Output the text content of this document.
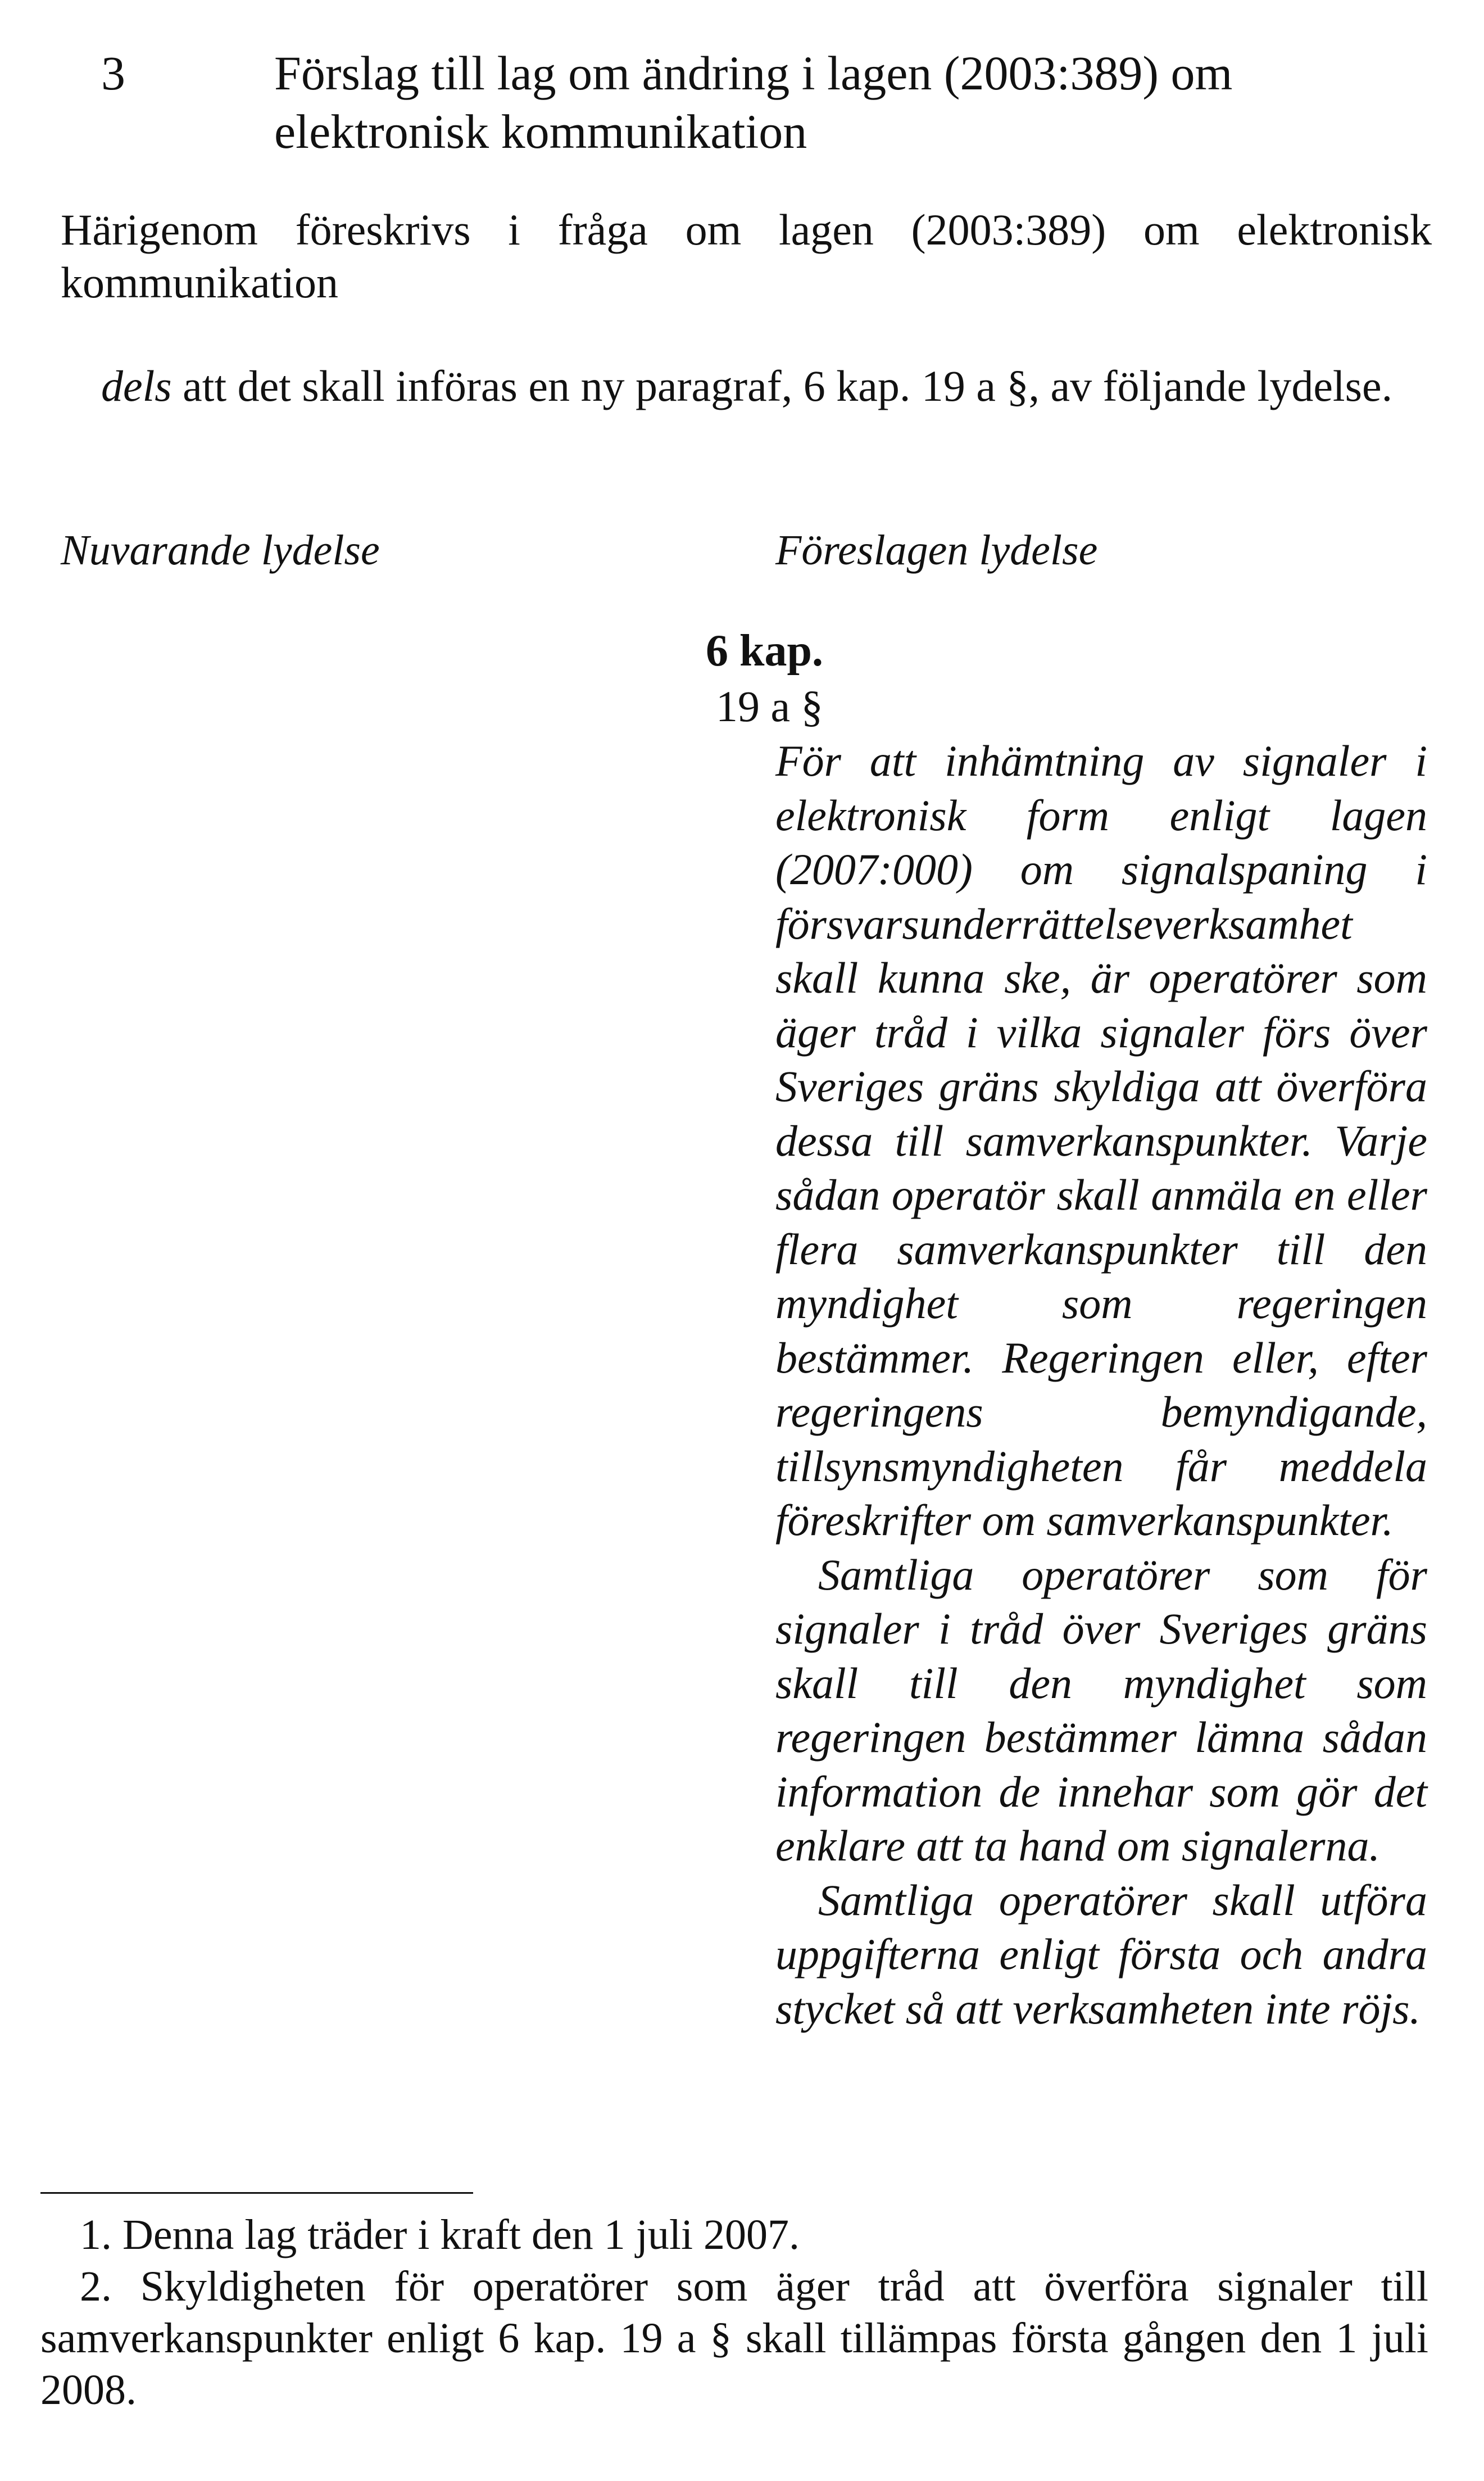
3	Förslag till lag om ändring i lagen (2003:389) om elektronisk kommunikation
Härigenom föreskrivs i fråga om lagen (2003:389) om elektronisk kommunikation
dels att det skall införas en ny paragraf, 6 kap. 19 a §, av följande lydelse.
Nuvarande lydelse	Föreslagen lydelse
6 kap.
19 a §

För att inhämtning av signaler i elektronisk form enligt lagen (2007:000) om signalspaning i försvarsunderrättelseverksamhet skall kunna ske, är operatörer som äger tråd i vilka signaler förs över Sveriges gräns skyldiga att överföra dessa till samverkanspunkter. Varje sådan operatör skall anmäla en eller flera samverkanspunkter till den myndighet som regeringen bestämmer. Regeringen eller, efter regeringens bemyndigande, tillsynsmyndigheten får meddela föreskrifter om samverkanspunkter.

Samtliga operatörer som för signaler i tråd över Sveriges gräns skall till den myndighet som regeringen bestämmer lämna sådan information de innehar som gör det enklare att ta hand om signalerna.

Samtliga operatörer skall utföra uppgifterna enligt första och andra stycket så att verksamheten inte röjs.

1. Denna lag träder i kraft den 1 juli 2007.
2. Skyldigheten för operatörer som äger tråd att överföra signaler till samverkanspunkter enligt 6 kap. 19 a § skall tillämpas första gången den 1 juli 2008.
